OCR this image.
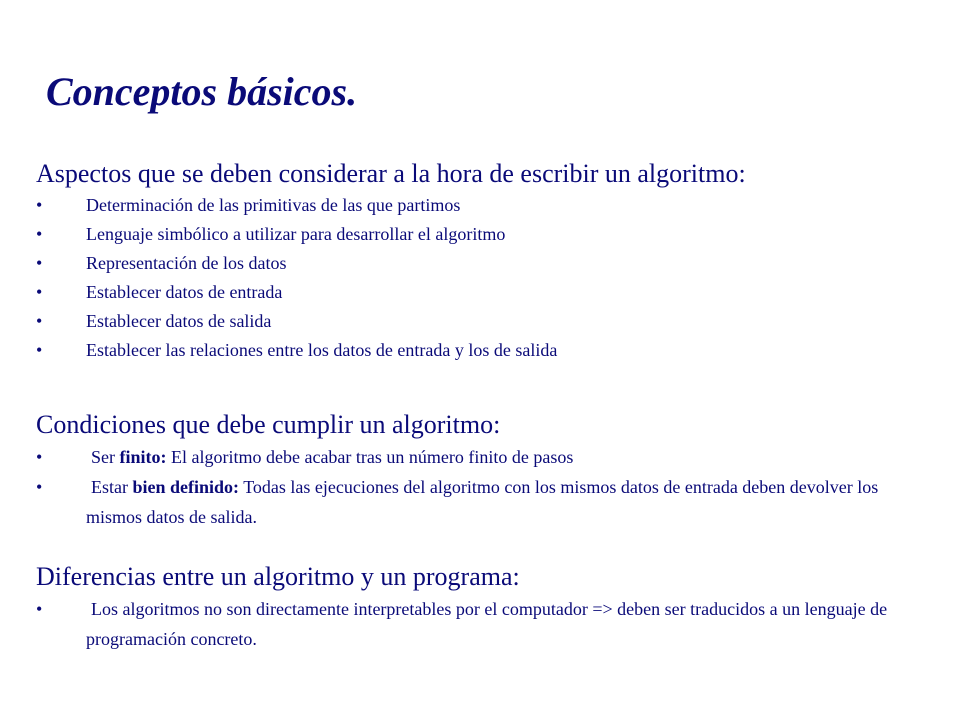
Conceptos básicos.
Aspectos que se deben considerar a la hora de escribir un algoritmo:
• Determinación de las primitivas de las que partimos
• Lenguaje simbólico a utilizar para desarrollar el algoritmo
• Representación de los datos
• Establecer datos de entrada
• Establecer datos de salida
• Establecer las relaciones entre los datos de entrada y los de salida
Condiciones que debe cumplir un algoritmo:
•	Ser finito: El algoritmo debe acabar tras un número finito de pasos
•	Estar bien definido: Todas las ejecuciones del algoritmo con los mismos datos de entrada deben devolver los mismos datos de salida.
Diferencias entre un algoritmo y un programa:
•	Los algoritmos no son directamente interpretables por el computador => deben ser traducidos a un lenguaje de programación concreto.
